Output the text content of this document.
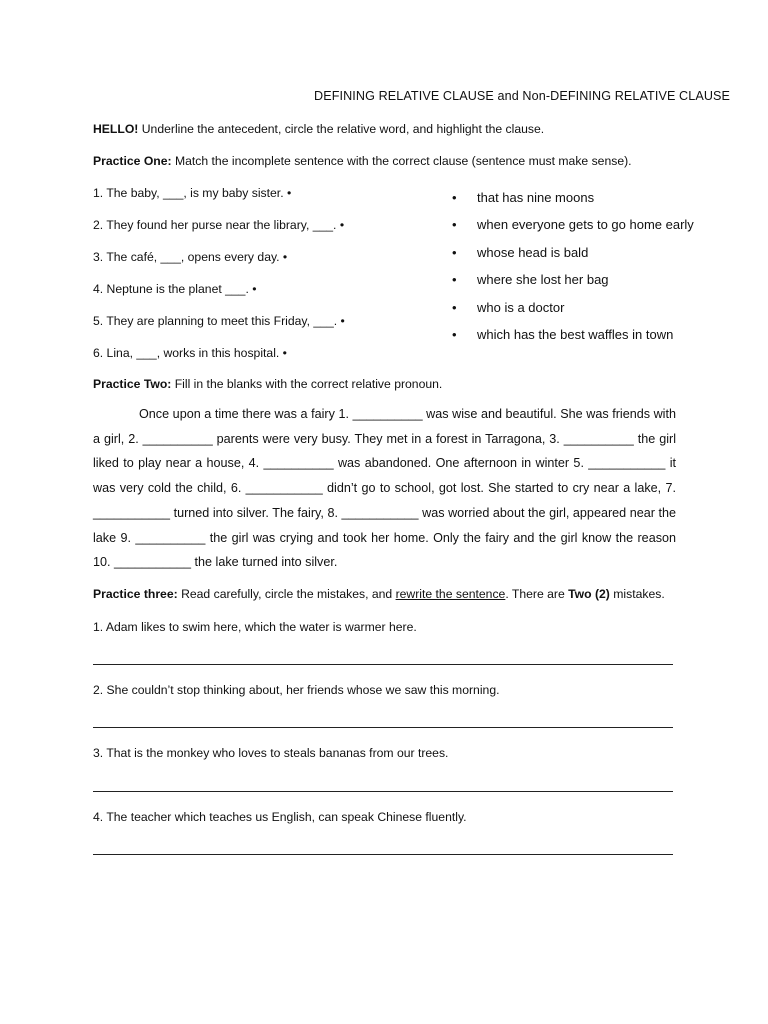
DEFINING RELATIVE CLAUSE and Non-DEFINING RELATIVE CLAUSE
HELLO! Underline the antecedent, circle the relative word, and highlight the clause.
Practice One: Match the incomplete sentence with the correct clause (sentence must make sense).
1. The baby, ___, is my baby sister. •
2. They found her purse near the library, ___. •
3. The café, ___, opens every day. •
4. Neptune is the planet ___. •
5. They are planning to meet this Friday, ___. •
6. Lina, ___, works in this hospital. •
• that has nine moons
• when everyone gets to go home early
• whose head is bald
• where she lost her bag
• who is a doctor
• which has the best waffles in town
Practice Two: Fill in the blanks with the correct relative pronoun.
Once upon a time there was a fairy 1. __________ was wise and beautiful. She was friends with a girl, 2. __________ parents were very busy. They met in a forest in Tarragona, 3. __________ the girl liked to play near a house, 4. __________ was abandoned. One afternoon in winter 5. ___________ it was very cold the child, 6. ___________ didn’t go to school, got lost. She started to cry near a lake, 7. ___________ turned into silver. The fairy, 8. ___________ was worried about the girl, appeared near the lake 9. __________ the girl was crying and took her home. Only the fairy and the girl know the reason 10. ___________ the lake turned into silver.
Practice three: Read carefully, circle the mistakes, and rewrite the sentence. There are Two (2) mistakes.
1. Adam likes to swim here, which the water is warmer here.
2. She couldn’t stop thinking about, her friends whose we saw this morning.
3. That is the monkey who loves to steals bananas from our trees.
4. The teacher which teaches us English, can speak Chinese fluently.
